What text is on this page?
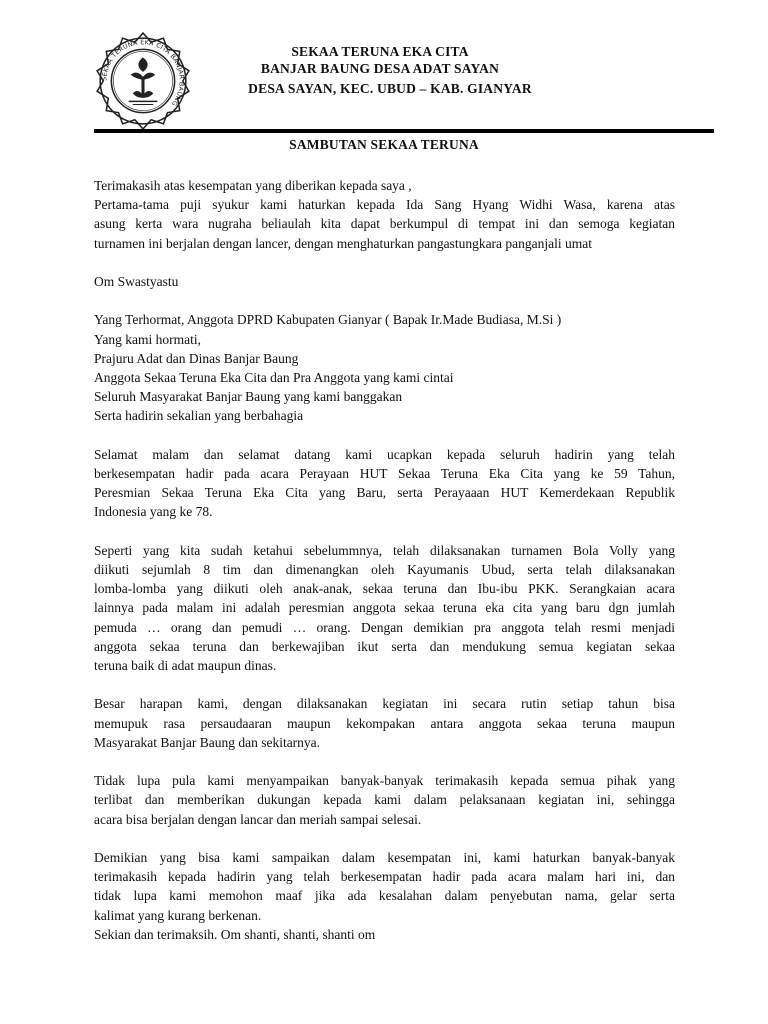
SEKAA TERUNA EKA CITA BANJAR BAUNG
SEKAA TERUNA EKA CITA
BANJAR BAUNG DESA ADAT SAYAN
DESA SAYAN, KEC. UBUD – KAB. GIANYAR
SAMBUTAN SEKAA TERUNA
Terimakasih atas kesempatan yang diberikan kepada saya ,
Pertama-tama puji syukur kami haturkan kepada Ida Sang Hyang Widhi Wasa, karena atas
asung kerta wara nugraha beliaulah kita dapat berkumpul di tempat ini dan semoga kegiatan
turnamen ini berjalan dengan lancer, dengan menghaturkan pangastungkara panganjali umat
Om Swastyastu
Yang Terhormat, Anggota DPRD Kabupaten Gianyar ( Bapak Ir.Made Budiasa, M.Si )
Yang kami hormati,
Prajuru Adat dan Dinas Banjar Baung
Anggota Sekaa Teruna Eka Cita dan Pra Anggota yang kami cintai
Seluruh Masyarakat Banjar Baung yang kami banggakan
Serta hadirin sekalian yang berbahagia
Selamat malam dan selamat datang kami ucapkan kepada seluruh hadirin yang telah
berkesempatan hadir pada acara Perayaan HUT Sekaa Teruna Eka Cita yang ke 59 Tahun,
Peresmian Sekaa Teruna Eka Cita yang Baru, serta Perayaaan HUT Kemerdekaan Republik
Indonesia yang ke 78.
Seperti yang kita sudah ketahui sebelummnya, telah dilaksanakan turnamen Bola Volly yang
diikuti sejumlah 8 tim dan dimenangkan oleh Kayumanis Ubud, serta telah dilaksanakan
lomba-lomba yang diikuti oleh anak-anak, sekaa teruna dan Ibu-ibu PKK. Serangkaian acara
lainnya pada malam ini adalah peresmian anggota sekaa teruna eka cita yang baru dgn jumlah
pemuda … orang dan pemudi … orang. Dengan demikian pra anggota telah resmi menjadi
anggota sekaa teruna dan berkewajiban ikut serta dan mendukung semua kegiatan sekaa
teruna baik di adat maupun dinas.
Besar harapan kami, dengan dilaksanakan kegiatan ini secara rutin setiap tahun bisa
memupuk rasa persaudaaran maupun kekompakan antara anggota sekaa teruna maupun
Masyarakat Banjar Baung dan sekitarnya.
Tidak lupa pula kami menyampaikan banyak-banyak terimakasih kepada semua pihak yang
terlibat dan memberikan dukungan kepada kami dalam pelaksanaan kegiatan ini, sehingga
acara bisa berjalan dengan lancar dan meriah sampai selesai.
Demikian yang bisa kami sampaikan dalam kesempatan ini, kami haturkan banyak-banyak
terimakasih kepada hadirin yang telah berkesempatan hadir pada acara malam hari ini, dan
tidak lupa kami memohon maaf jika ada kesalahan dalam penyebutan nama, gelar serta
kalimat yang kurang berkenan.
Sekian dan terimaksih. Om shanti, shanti, shanti om
